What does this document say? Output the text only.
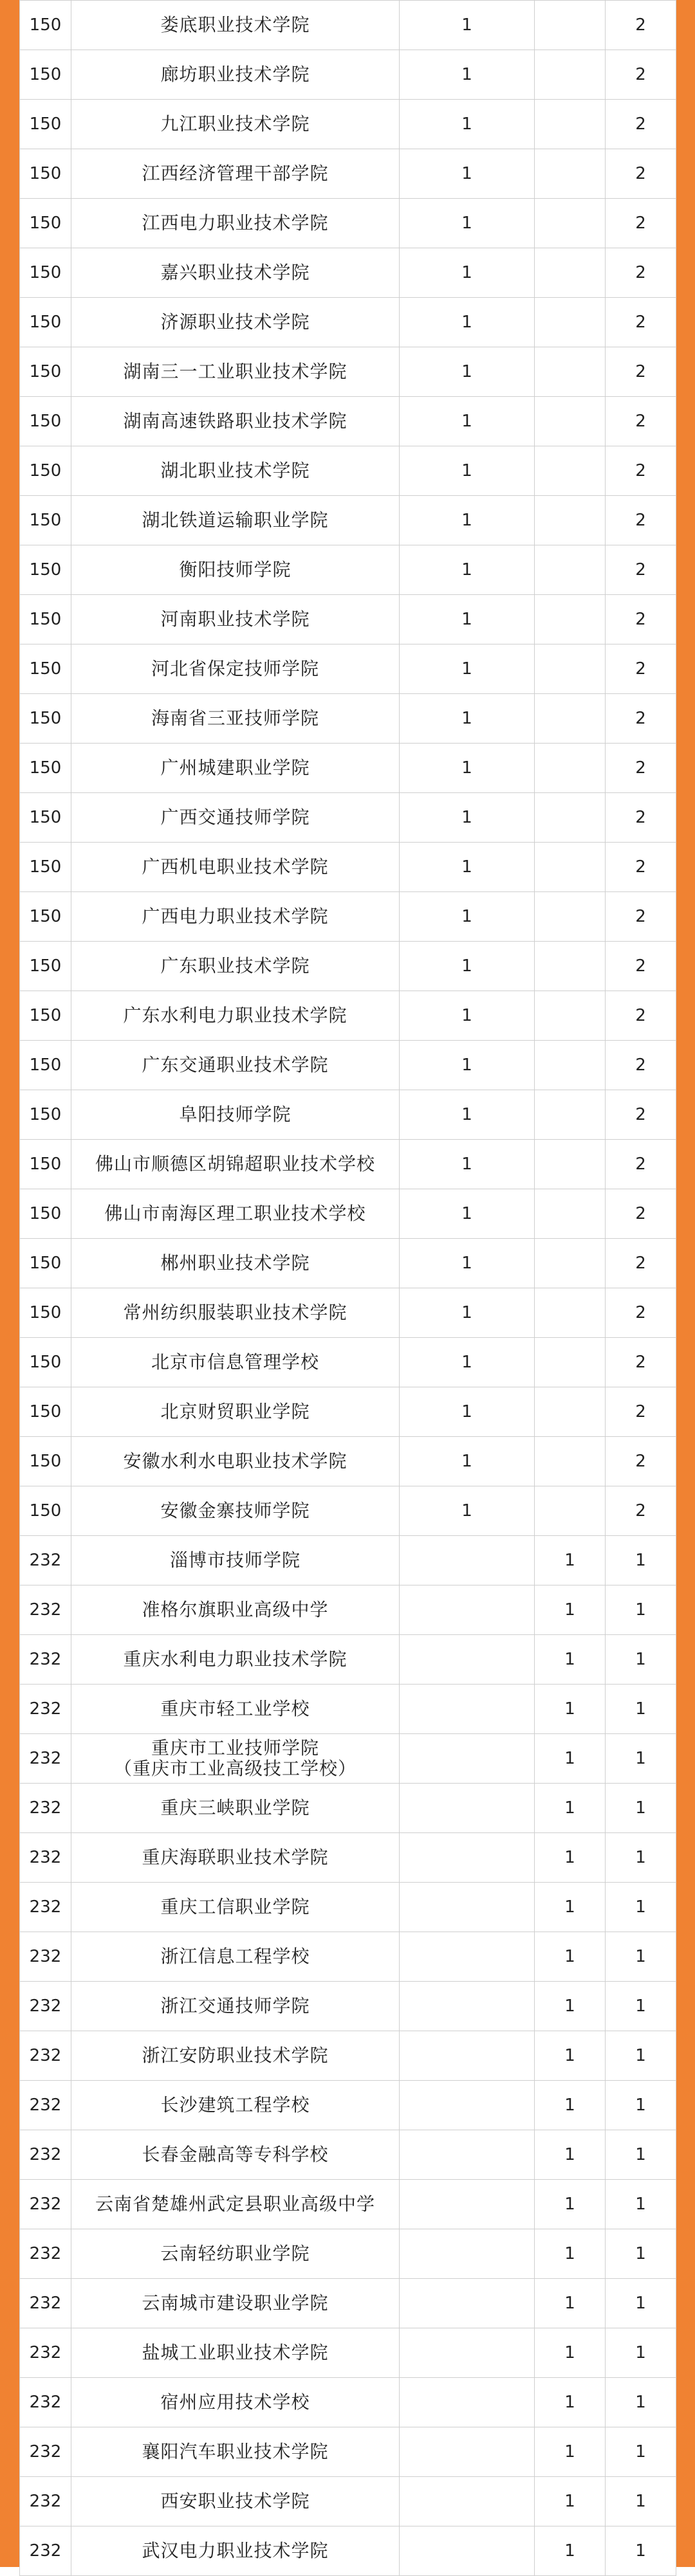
150	娄底职业技术学院	1		2
150	廊坊职业技术学院	1		2
150	九江职业技术学院	1		2
150	江西经济管理干部学院	1		2
150	江西电力职业技术学院	1		2
150	嘉兴职业技术学院	1		2
150	济源职业技术学院	1		2
150	湖南三一工业职业技术学院	1		2
150	湖南高速铁路职业技术学院	1		2
150	湖北职业技术学院	1		2
150	湖北铁道运输职业学院	1		2
150	衡阳技师学院	1		2
150	河南职业技术学院	1		2
150	河北省保定技师学院	1		2
150	海南省三亚技师学院	1		2
150	广州城建职业学院	1		2
150	广西交通技师学院	1		2
150	广西机电职业技术学院	1		2
150	广西电力职业技术学院	1		2
150	广东职业技术学院	1		2
150	广东水利电力职业技术学院	1		2
150	广东交通职业技术学院	1		2
150	阜阳技师学院	1		2
150	佛山市顺德区胡锦超职业技术学校	1		2
150	佛山市南海区理工职业技术学校	1		2
150	郴州职业技术学院	1		2
150	常州纺织服装职业技术学院	1		2
150	北京市信息管理学校	1		2
150	北京财贸职业学院	1		2
150	安徽水利水电职业技术学院	1		2
150	安徽金寨技师学院	1		2
232	淄博市技师学院		1	1
232	准格尔旗职业高级中学		1	1
232	重庆水利电力职业技术学院		1	1
232	重庆市轻工业学校		1	1
232	重庆市工业技师学院
（重庆市工业高级技工学校）		1	1
232	重庆三峡职业学院		1	1
232	重庆海联职业技术学院		1	1
232	重庆工信职业学院		1	1
232	浙江信息工程学校		1	1
232	浙江交通技师学院		1	1
232	浙江安防职业技术学院		1	1
232	长沙建筑工程学校		1	1
232	长春金融高等专科学校		1	1
232	云南省楚雄州武定县职业高级中学		1	1
232	云南轻纺职业学院		1	1
232	云南城市建设职业学院		1	1
232	盐城工业职业技术学院		1	1
232	宿州应用技术学校		1	1
232	襄阳汽车职业技术学院		1	1
232	西安职业技术学院		1	1
232	武汉电力职业技术学院		1	1
